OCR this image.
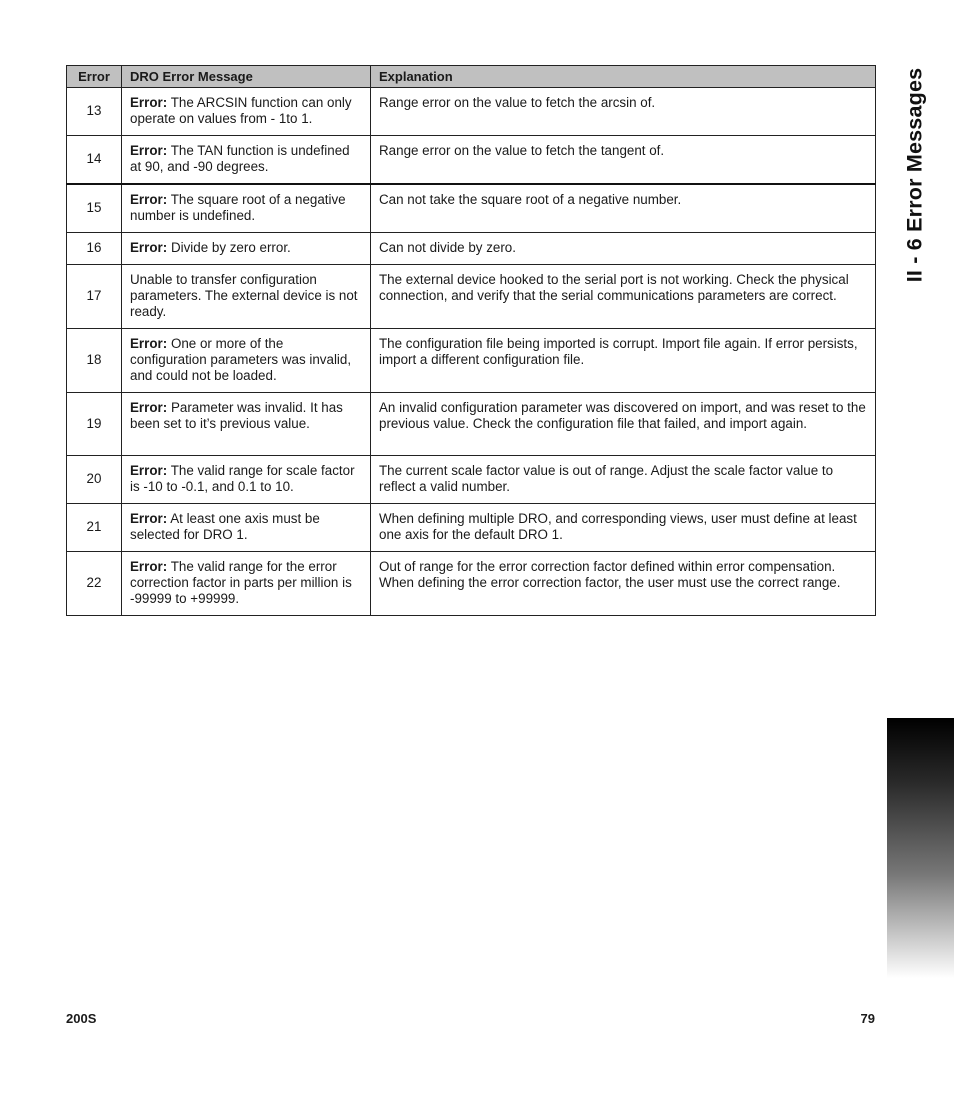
Error	DRO Error Message	Explanation
13	Error: The ARCSIN function can only operate on values from - 1to 1.	Range error on the value to fetch the arcsin of.
14	Error: The TAN function is undefined at 90, and -90 degrees.	Range error on the value to fetch the tangent of.
15	Error: The square root of a negative number is undefined.	Can not take the square root of a negative number.
16	Error: Divide by zero error.	Can not divide by zero.
17	Unable to transfer configuration parameters. The external device is not ready.	The external device hooked to the serial port is not working. Check the physical connection, and verify that the serial communications parameters are correct.
18	Error: One or more of the configuration parameters was invalid, and could not be loaded.	The configuration file being imported is corrupt. Import file again. If error persists, import a different configuration file.
19	Error: Parameter was invalid. It has been set to it’s previous value.	An invalid configuration parameter was discovered on import, and was reset to the previous value. Check the configuration file that failed, and import again.
20	Error: The valid range for scale factor is -10 to -0.1, and 0.1 to 10.	The current scale factor value is out of range. Adjust the scale factor value to reflect a valid number.
21	Error: At least one axis must be selected for DRO 1.	When defining multiple DRO, and corresponding views, user must define at least one axis for the default DRO 1.
22	Error: The valid range for the error correction factor in parts per million is -99999 to +99999.	Out of range for the error correction factor defined within error compensation. When defining the error correction factor, the user must use the correct range.
II - 6 Error Messages
200S	79
